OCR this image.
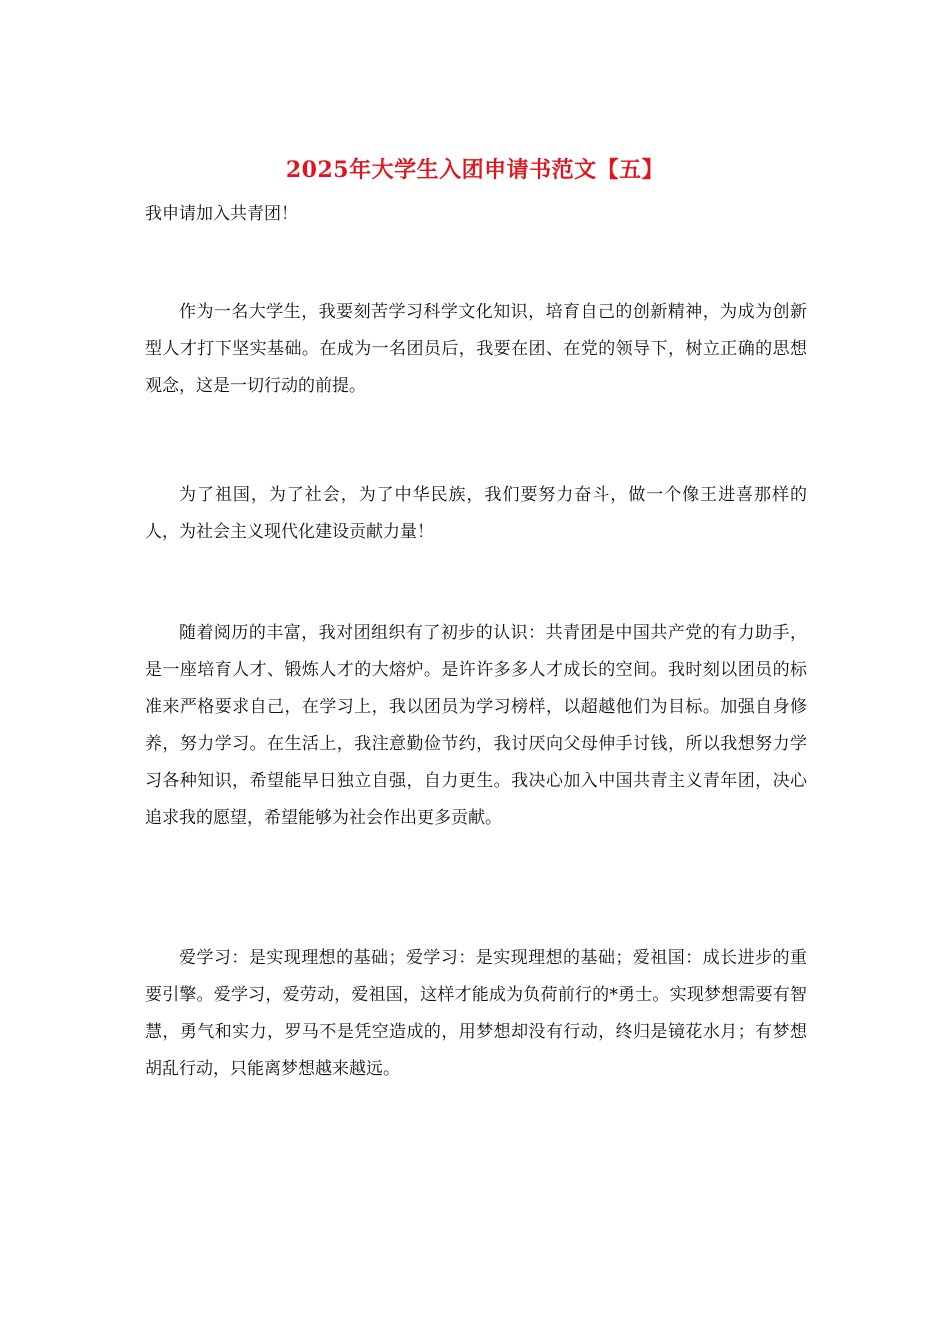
2025年大学生入团申请书范文【五】

我申请加入共青团！

作为一名大学生，我要刻苦学习科学文化知识，培育自己的创新精神，为成为创新型人才打下坚实基础。在成为一名团员后，我要在团、在党的领导下，树立正确的思想观念，这是一切行动的前提。

为了祖国，为了社会，为了中华民族，我们要努力奋斗，做一个像王进喜那样的人，为社会主义现代化建设贡献力量！

随着阅历的丰富，我对团组织有了初步的认识：共青团是中国共产党的有力助手，是一座培育人才、锻炼人才的大熔炉。是许许多多人才成长的空间。我时刻以团员的标准来严格要求自己，在学习上，我以团员为学习榜样，以超越他们为目标。加强自身修养，努力学习。在生活上，我注意勤俭节约，我讨厌向父母伸手讨钱，所以我想努力学习各种知识，希望能早日独立自强，自力更生。我决心加入中国共青主义青年团，决心追求我的愿望，希望能够为社会作出更多贡献。

爱学习：是实现理想的基础；爱学习：是实现理想的基础；爱祖国：成长进步的重要引擎。爱学习，爱劳动，爱祖国，这样才能成为负荷前行的*勇士。实现梦想需要有智慧，勇气和实力，罗马不是凭空造成的，用梦想却没有行动，终归是镜花水月；有梦想胡乱行动，只能离梦想越来越远。
